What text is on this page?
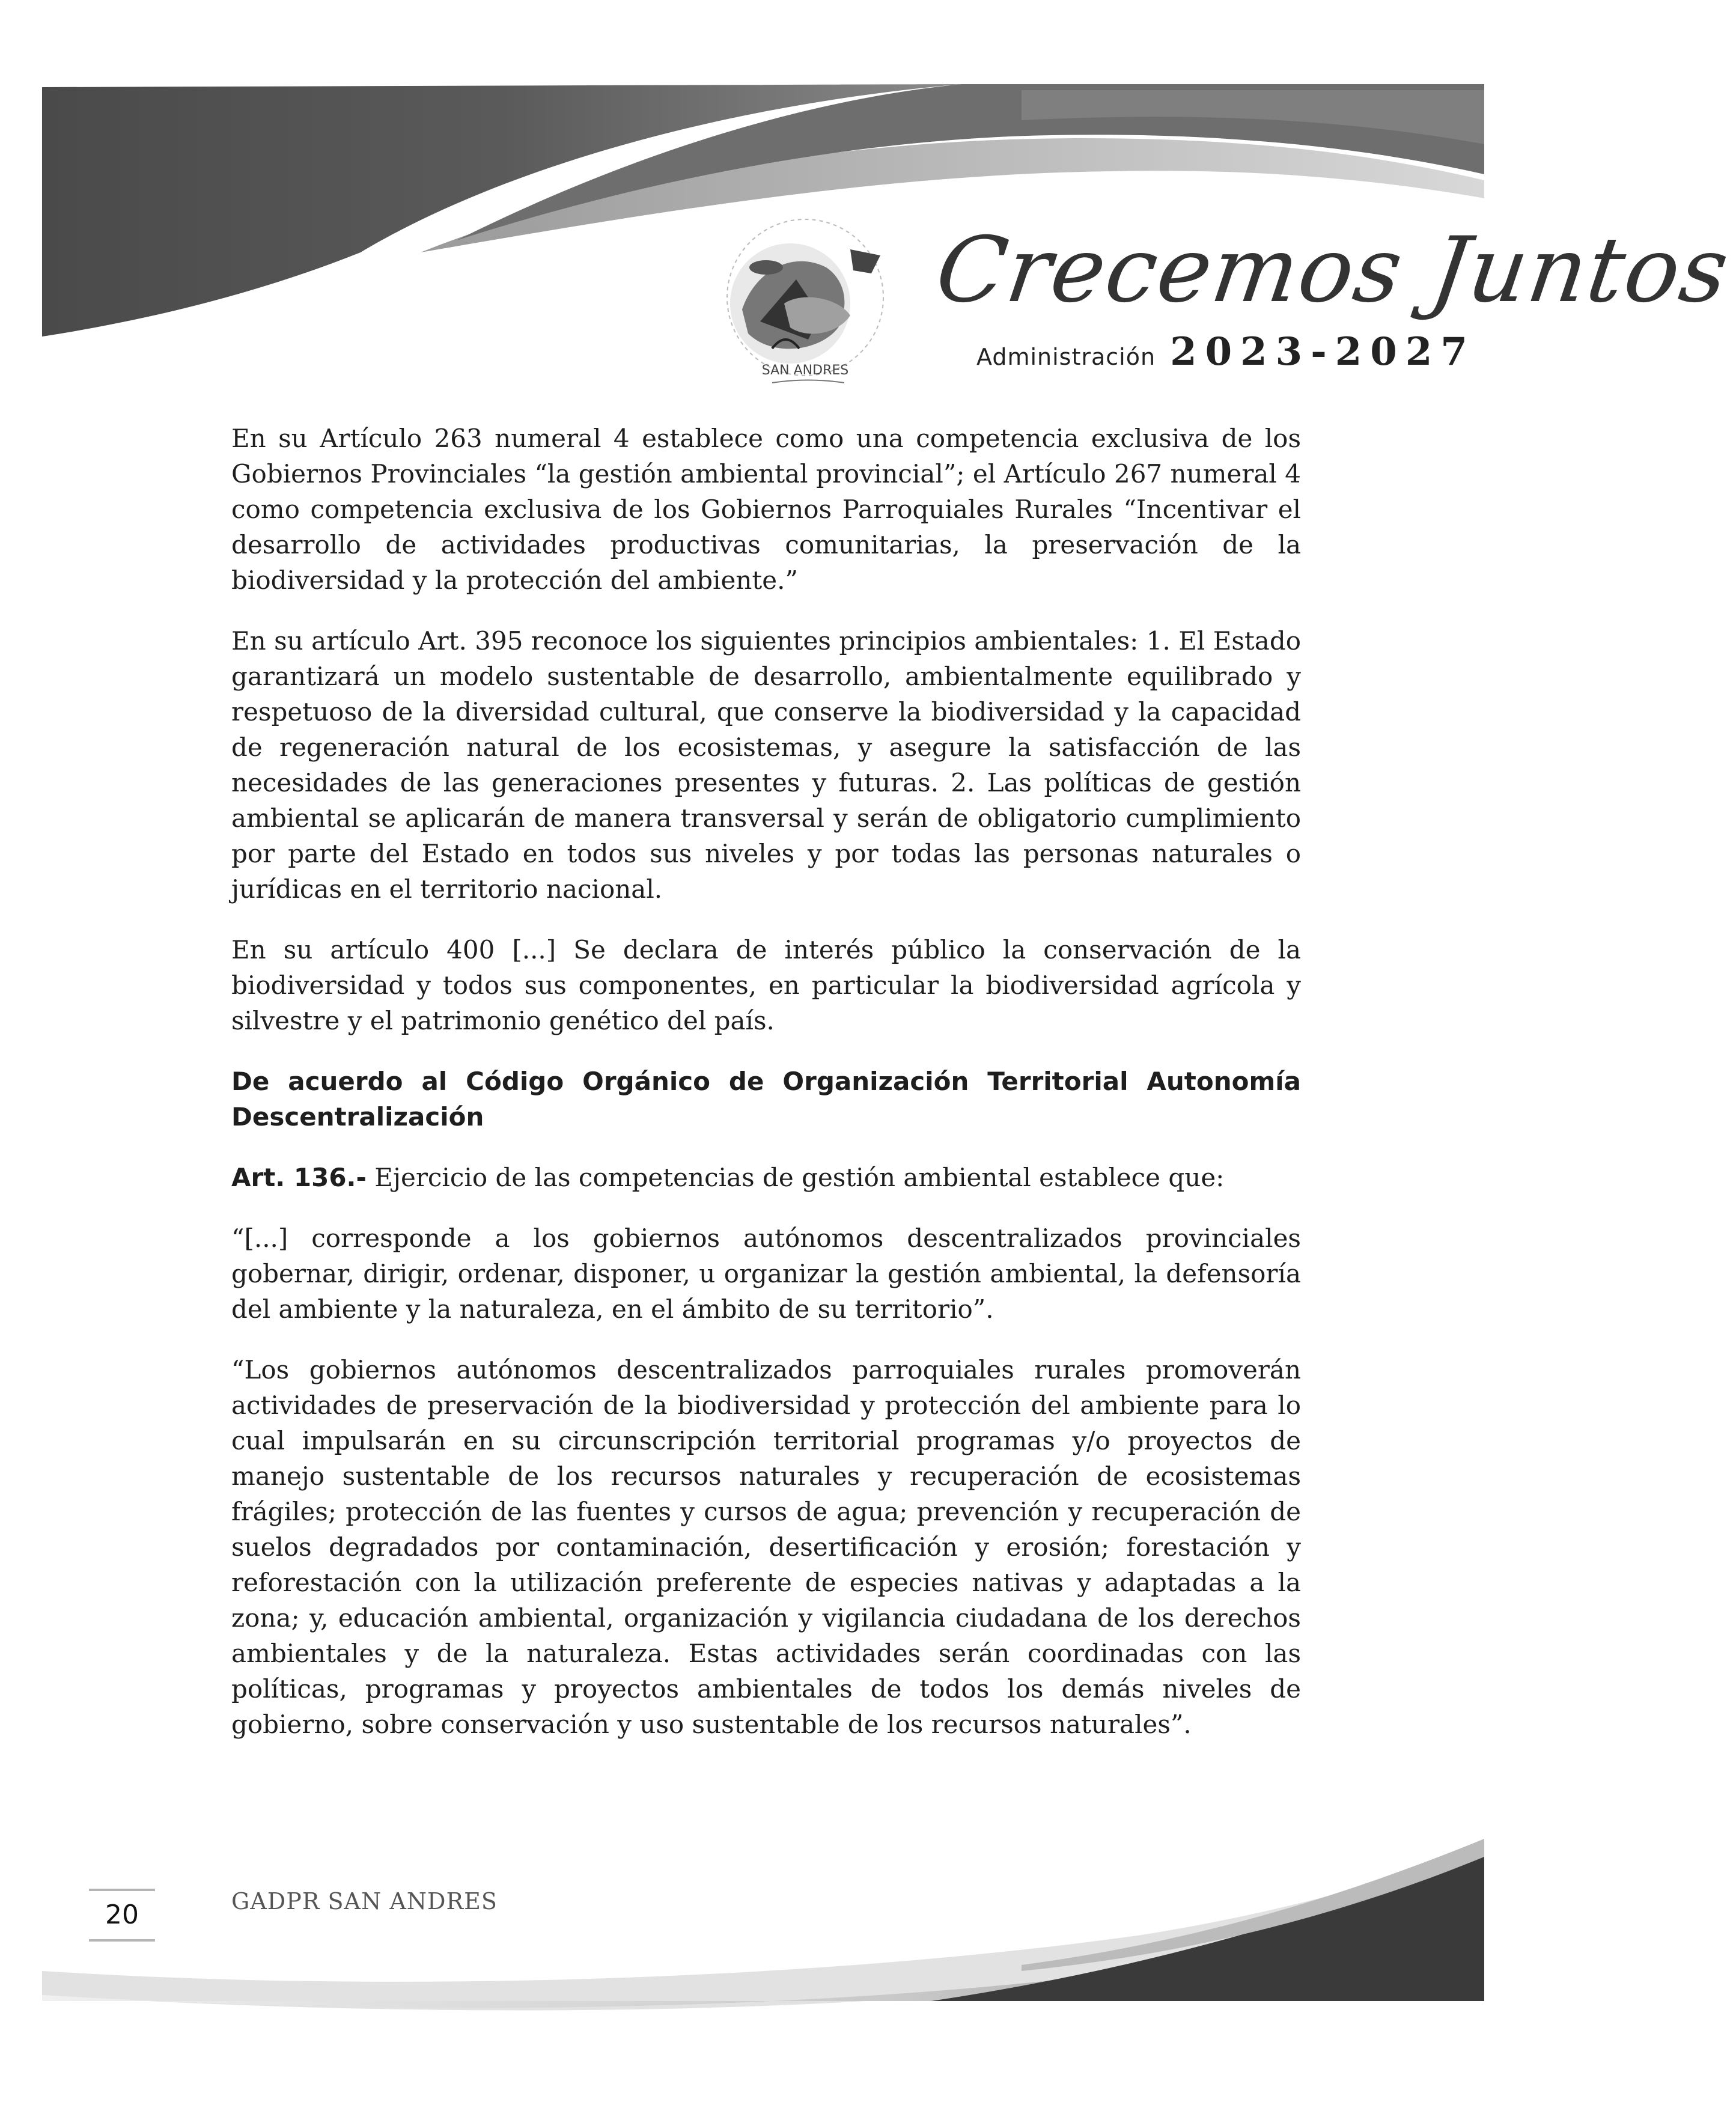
SAN ANDRES
Crecemos Juntos
Administración 2023-2027

En su Artículo 263 numeral 4 establece como una competencia exclusiva de los Gobiernos Provinciales “la gestión ambiental provincial”; el Artículo 267 numeral 4 como competencia exclusiva de los Gobiernos Parroquiales Rurales “Incentivar el desarrollo de actividades productivas comunitarias, la preservación de la biodiversidad y la protección del ambiente.”

En su artículo Art. 395 reconoce los siguientes principios ambientales: 1. El Estado garantizará un modelo sustentable de desarrollo, ambientalmente equilibrado y respetuoso de la diversidad cultural, que conserve la biodiversidad y la capacidad de regeneración natural de los ecosistemas, y asegure la satisfacción de las necesidades de las generaciones presentes y futuras. 2. Las políticas de gestión ambiental se aplicarán de manera transversal y serán de obligatorio cumplimiento por parte del Estado en todos sus niveles y por todas las personas naturales o jurídicas en el territorio nacional.

En su artículo 400 [...] Se declara de interés público la conservación de la biodiversidad y todos sus componentes, en particular la biodiversidad agrícola y silvestre y el patrimonio genético del país.

De acuerdo al Código Orgánico de Organización Territorial Autonomía Descentralización

Art. 136.- Ejercicio de las competencias de gestión ambiental establece que:

“[...] corresponde a los gobiernos autónomos descentralizados provinciales gobernar, dirigir, ordenar, disponer, u organizar la gestión ambiental, la defensoría del ambiente y la naturaleza, en el ámbito de su territorio”.

“Los gobiernos autónomos descentralizados parroquiales rurales promoverán actividades de preservación de la biodiversidad y protección del ambiente para lo cual impulsarán en su circunscripción territorial programas y/o proyectos de manejo sustentable de los recursos naturales y recuperación de ecosistemas frágiles; protección de las fuentes y cursos de agua; prevención y recuperación de suelos degradados por contaminación, desertificación y erosión; forestación y reforestación con la utilización preferente de especies nativas y adaptadas a la zona; y, educación ambiental, organización y vigilancia ciudadana de los derechos ambientales y de la naturaleza. Estas actividades serán coordinadas con las políticas, programas y proyectos ambientales de todos los demás niveles de gobierno, sobre conservación y uso sustentable de los recursos naturales”.

20	GADPR SAN ANDRES
